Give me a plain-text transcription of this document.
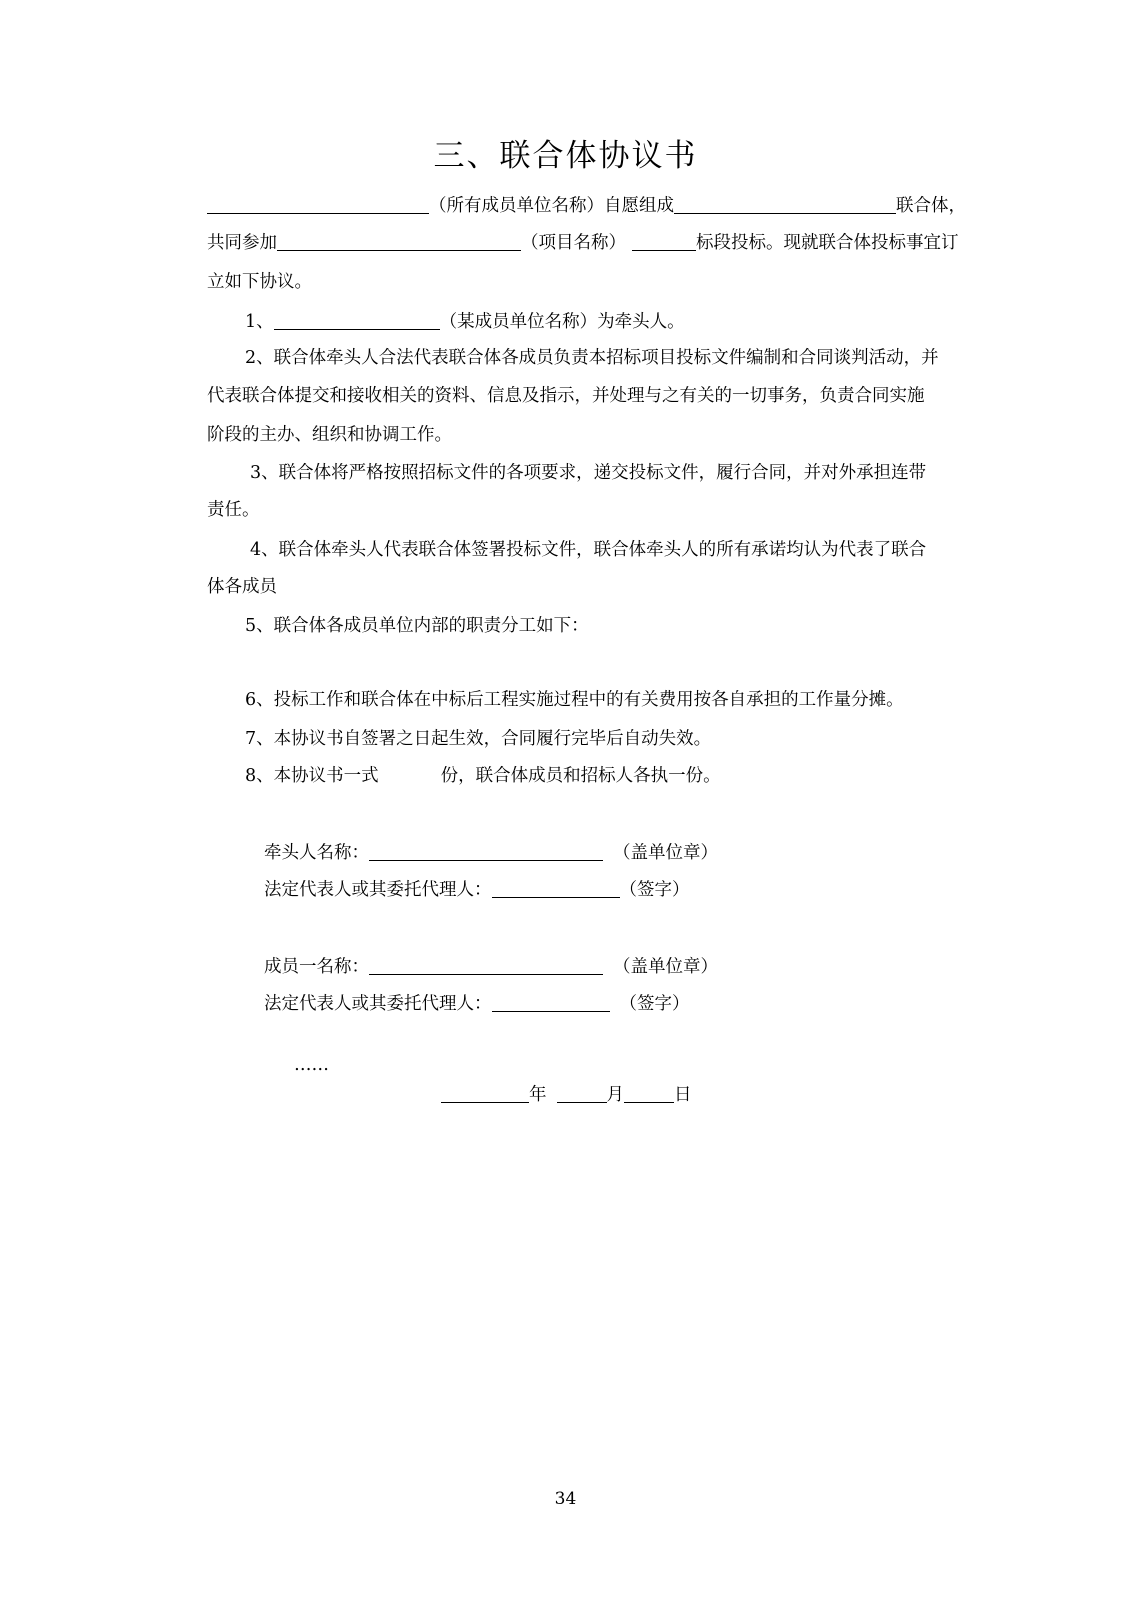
三、联合体协议书
（所有成员单位名称）自愿组成	联合体，
共同参加	（项目名称）	标段投标。现就联合体投标事宜订
立如下协议。
1、	（某成员单位名称）为牵头人。
2、联合体牵头人合法代表联合体各成员负责本招标项目投标文件编制和合同谈判活动，并
代表联合体提交和接收相关的资料、信息及指示，并处理与之有关的一切事务，负责合同实施
阶段的主办、组织和协调工作。
3、联合体将严格按照招标文件的各项要求，递交投标文件，履行合同，并对外承担连带
责任。
4、联合体牵头人代表联合体签署投标文件，联合体牵头人的所有承诺均认为代表了联合
体各成员
5、联合体各成员单位内部的职责分工如下：
6、投标工作和联合体在中标后工程实施过程中的有关费用按各自承担的工作量分摊。
7、本协议书自签署之日起生效，合同履行完毕后自动失效。
8、本协议书一式	份，联合体成员和招标人各执一份。
牵头人名称：	（盖单位章）
法定代表人或其委托代理人：	（签字）
成员一名称：	（盖单位章）
法定代表人或其委托代理人：	（签字）
……
年	月	日
34
